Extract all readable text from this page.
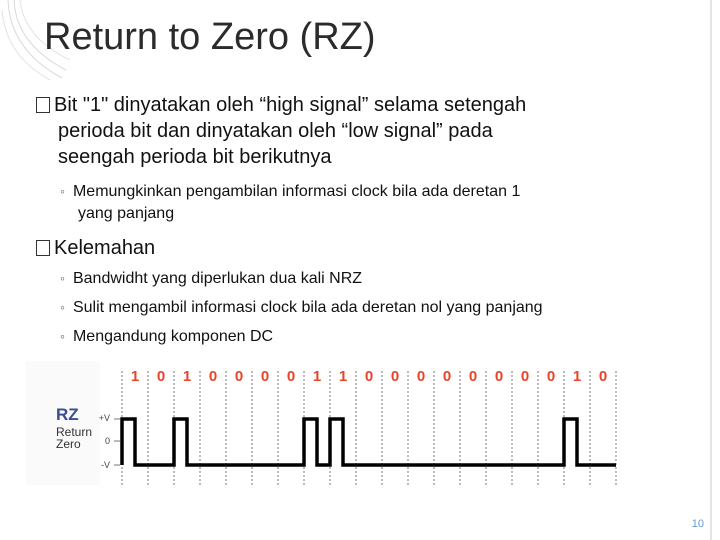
Return to Zero (RZ)
Bit "1" dinyatakan oleh “high signal” selama setengah
perioda bit dan dinyatakan oleh “low signal” pada
seengah perioda bit berikutnya
◦ Memungkinkan pengambilan informasi clock bila ada deretan 1
yang panjang
Kelemahan
◦ Bandwidht yang diperlukan dua kali NRZ
◦ Sulit mengambil informasi clock bila ada deretan nol yang panjang
◦ Mengandung komponen DC
RZ
Return
Zero
+V
0
-V
1 0 1 0 0 0 0 1 1 0 0 0 0 0 0 0 0 1 0
10
